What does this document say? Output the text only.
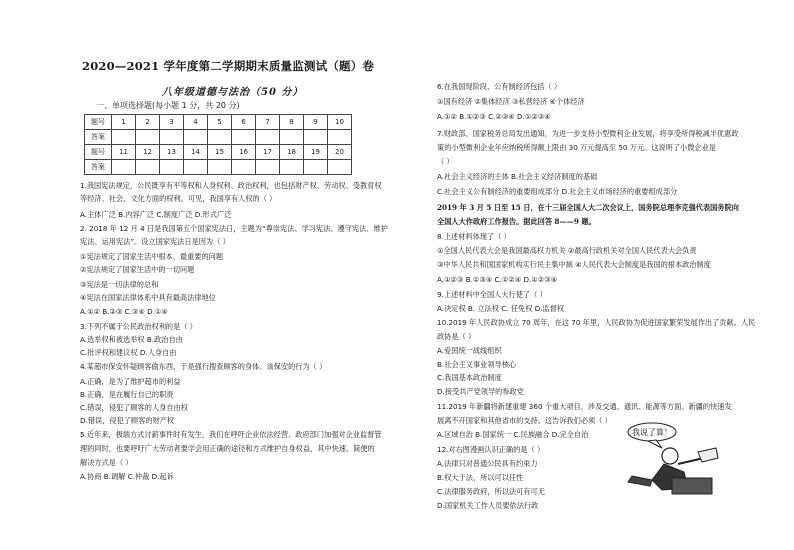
2020—2021 学年度第二学期期末质量监测试（题）卷
八年级道德与法治（50 分）
一、单项选择题(每小题 1 分，共 20 分)
题号	1	2	3	4	5	6	7	8	9	10
答案										
题号	11	12	13	14	15	16	17	18	19	20
答案										
1.我国宪法规定，公民既享有平等权和人身权利、政治权利，也包括财产权、劳动权、受教育权
等经济、社会、文化方面的权利。可见，我国享有人权的（ ）
A.主体广泛 B.内容广泛 C.制度广泛 D.形式广泛
2. 2018 年 12 月 4 日是我国第五个国家宪法日，主题为“尊崇宪法、学习宪法、遵守宪法、维护
宪法、运用宪法”。设立国家宪法日是因为（ ）
①宪法规定了国家生活中根本、最重要的问题
②宪法规定了国家生活中的一切问题
③宪法是一切法律的总和
④宪法在国家法律体系中具有最高法律地位
A.①② B.②③ C.③④ D.①④
3.下列不属于公民政治权利的是（ ）
A.选举权和被选举权 B.政治自由
C.批评权和建议权 D.人身自由
4.某超市保安怀疑顾客偷东西，于是强行搜查顾客的身体。该保安的行为（ ）
A.正确，是为了维护超市的利益
B.正确，是在履行自己的职责
C.错误，侵犯了顾客的人身自由权
D.错误，侵犯了顾客的财产权
5.近年来，极端方式讨薪事件时有发生，我们在呼吁企业依法经营、政府部门加强对企业监督管
理的同时，也要呼吁广大劳动者要学会用正确的途径和方式维护自身权益，其中快速、简便的
解决方式是（ ）
A.协商 B.调解 C.仲裁 D.起诉
6.在我国现阶段，公有制经济包括（ ）
①国有经济 ②集体经济 ③私营经济 ④个体经济
A.①② B.①②③ C.②③④ D.①②③④
7.财政部、国家税务总局发出通知，为进一步支持小型微利企业发展，将享受所得税减半优惠政
策的小型微利企业年应纳税所得额上限由 30 万元提高至 50 万元。这说明了小微企业是
（ ）
A.社会主义经济的主体 B.社会主义经济制度的基础
C.社会主义公有制经济的重要组成部分 D.社会主义市场经济的重要组成部分
2019 年 3 月 5 日至 15 日，在十三届全国人大二次会议上，国务院总理李克强代表国务院向
全国人大作政府工作报告。据此回答 8——9 题。
8.上述材料体现了（ ）
①全国人民代表大会是我国最高权力机关 ②最高行政机关对全国人民代表大会负责
③中华人民共和国国家机构实行民主集中制 ④人民代表大会制度是我国的根本政治制度
A.①②③ B.①③④ C.①②④ D.①②③④
9.上述材料中全国人大行使了（ ）
A.决定权 B. 立法权 C. 任免权 D.监督权
10.2019 年人民政协成立 70 周年，在这 70 年里，人民政协为促进国家繁荣发展作出了贡献。人民
政协是（ ）
A.爱国统一战线组织
B.社会主义事业领导核心
C.我国基本政治制度
D.接受共产党领导的参政党
11.2019 年新疆将新建重建 360 个重大项目，涉及交通、通讯、能源等方面。新疆的快速发
展离不开国家和其他省市的支持。这告诉我们必须（ ）
A.区域自治 B.国家统一 C.民族融合 D.完全自治
12.对右图漫画认识正确的是（ ）
A.法律只对普通公民具有约束力
B.权大于法，所以可以任性
C.法律服务政府，所以法可有可无
D.国家机关工作人员要依法行政
我说了算！
